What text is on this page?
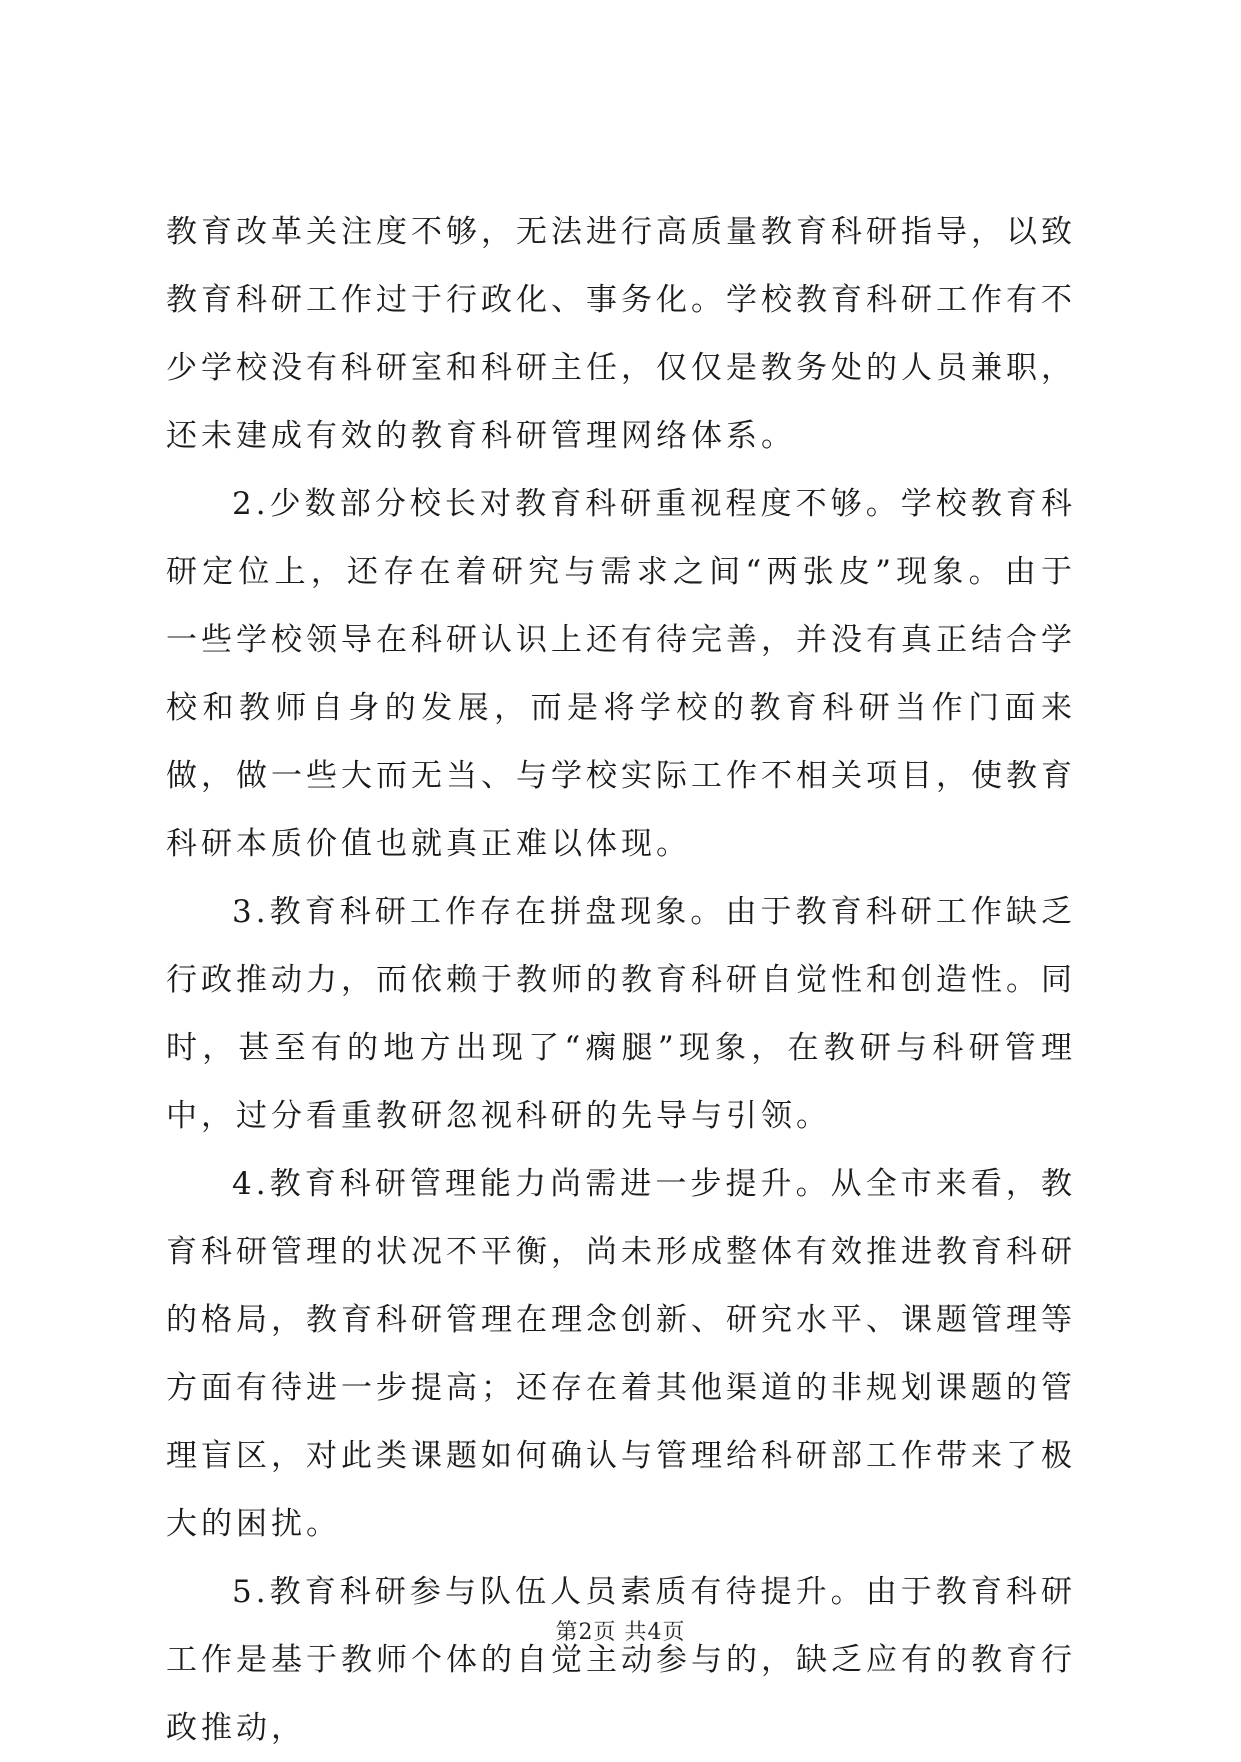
教育改革关注度不够，无法进行高质量教育科研指导，以致教育科研工作过于行政化、事务化。学校教育科研工作有不少学校没有科研室和科研主任，仅仅是教务处的人员兼职，还未建成有效的教育科研管理网络体系。

2.少数部分校长对教育科研重视程度不够。学校教育科研定位上，还存在着研究与需求之间“两张皮”现象。由于一些学校领导在科研认识上还有待完善，并没有真正结合学校和教师自身的发展，而是将学校的教育科研当作门面来做，做一些大而无当、与学校实际工作不相关项目，使教育科研本质价值也就真正难以体现。

3.教育科研工作存在拼盘现象。由于教育科研工作缺乏行政推动力，而依赖于教师的教育科研自觉性和创造性。同时，甚至有的地方出现了“瘸腿”现象，在教研与科研管理中，过分看重教研忽视科研的先导与引领。

4.教育科研管理能力尚需进一步提升。从全市来看，教育科研管理的状况不平衡，尚未形成整体有效推进教育科研的格局，教育科研管理在理念创新、研究水平、课题管理等方面有待进一步提高；还存在着其他渠道的非规划课题的管理盲区，对此类课题如何确认与管理给科研部工作带来了极大的困扰。

5.教育科研参与队伍人员素质有待提升。由于教育科研工作是基于教师个体的自觉主动参与的，缺乏应有的教育行政推动，

第2页 共4页
